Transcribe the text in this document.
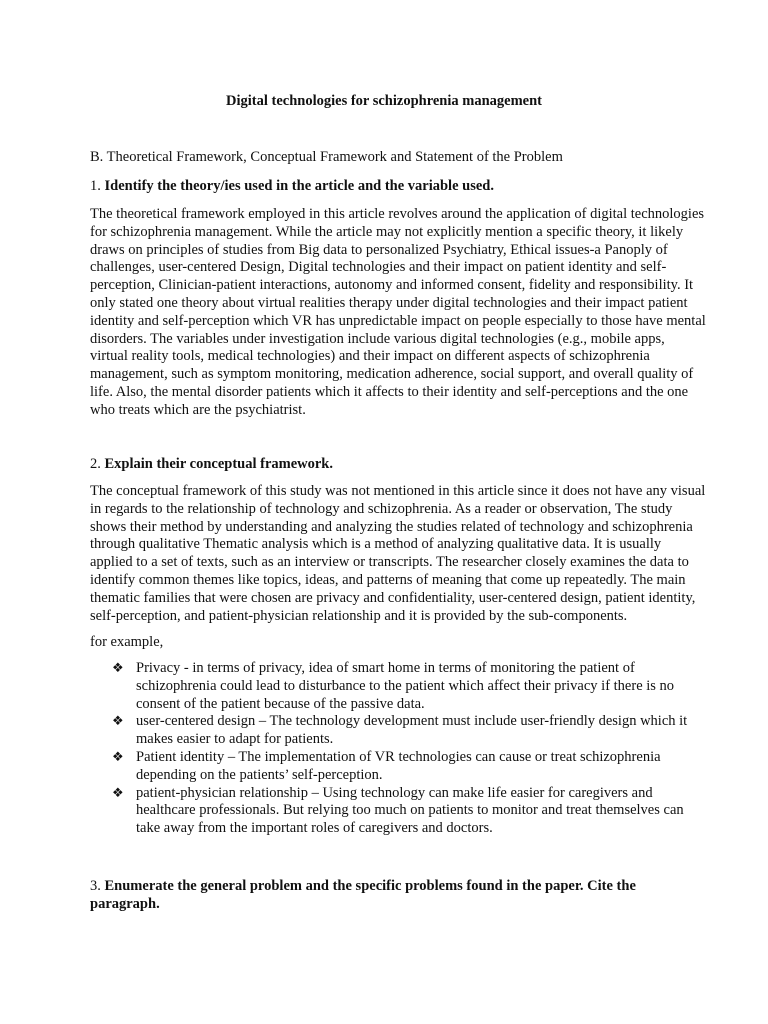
Digital technologies for schizophrenia management
B. Theoretical Framework, Conceptual Framework and Statement of the Problem
1. Identify the theory/ies used in the article and the variable used.
The theoretical framework employed in this article revolves around the application of digital technologies
for schizophrenia management. While the article may not explicitly mention a specific theory, it likely
draws on principles of studies from Big data to personalized Psychiatry, Ethical issues-a Panoply of
challenges, user-centered Design, Digital technologies and their impact on patient identity and self-
perception, Clinician-patient interactions, autonomy and informed consent, fidelity and responsibility. It
only stated one theory about virtual realities therapy under digital technologies and their impact patient
identity and self-perception which VR has unpredictable impact on people especially to those have mental
disorders. The variables under investigation include various digital technologies (e.g., mobile apps,
virtual reality tools, medical technologies) and their impact on different aspects of schizophrenia
management, such as symptom monitoring, medication adherence, social support, and overall quality of
life. Also, the mental disorder patients which it affects to their identity and self-perceptions and the one
who treats which are the psychiatrist.
2. Explain their conceptual framework.
The conceptual framework of this study was not mentioned in this article since it does not have any visual
in regards to the relationship of technology and schizophrenia. As a reader or observation, The study
shows their method by understanding and analyzing the studies related of technology and schizophrenia
through qualitative Thematic analysis which is a method of analyzing qualitative data. It is usually
applied to a set of texts, such as an interview or transcripts. The researcher closely examines the data to
identify common themes like topics, ideas, and patterns of meaning that come up repeatedly. The main
thematic families that were chosen are privacy and confidentiality, user-centered design, patient identity,
self-perception, and patient-physician relationship and it is provided by the sub-components.
for example,
❖ Privacy - in terms of privacy, idea of smart home in terms of monitoring the patient of
schizophrenia could lead to disturbance to the patient which affect their privacy if there is no
consent of the patient because of the passive data.
❖ user-centered design – The technology development must include user-friendly design which it
makes easier to adapt for patients.
❖ Patient identity – The implementation of VR technologies can cause or treat schizophrenia
depending on the patients’ self-perception.
❖ patient-physician relationship – Using technology can make life easier for caregivers and
healthcare professionals. But relying too much on patients to monitor and treat themselves can
take away from the important roles of caregivers and doctors.
3. Enumerate the general problem and the specific problems found in the paper. Cite the
paragraph.
